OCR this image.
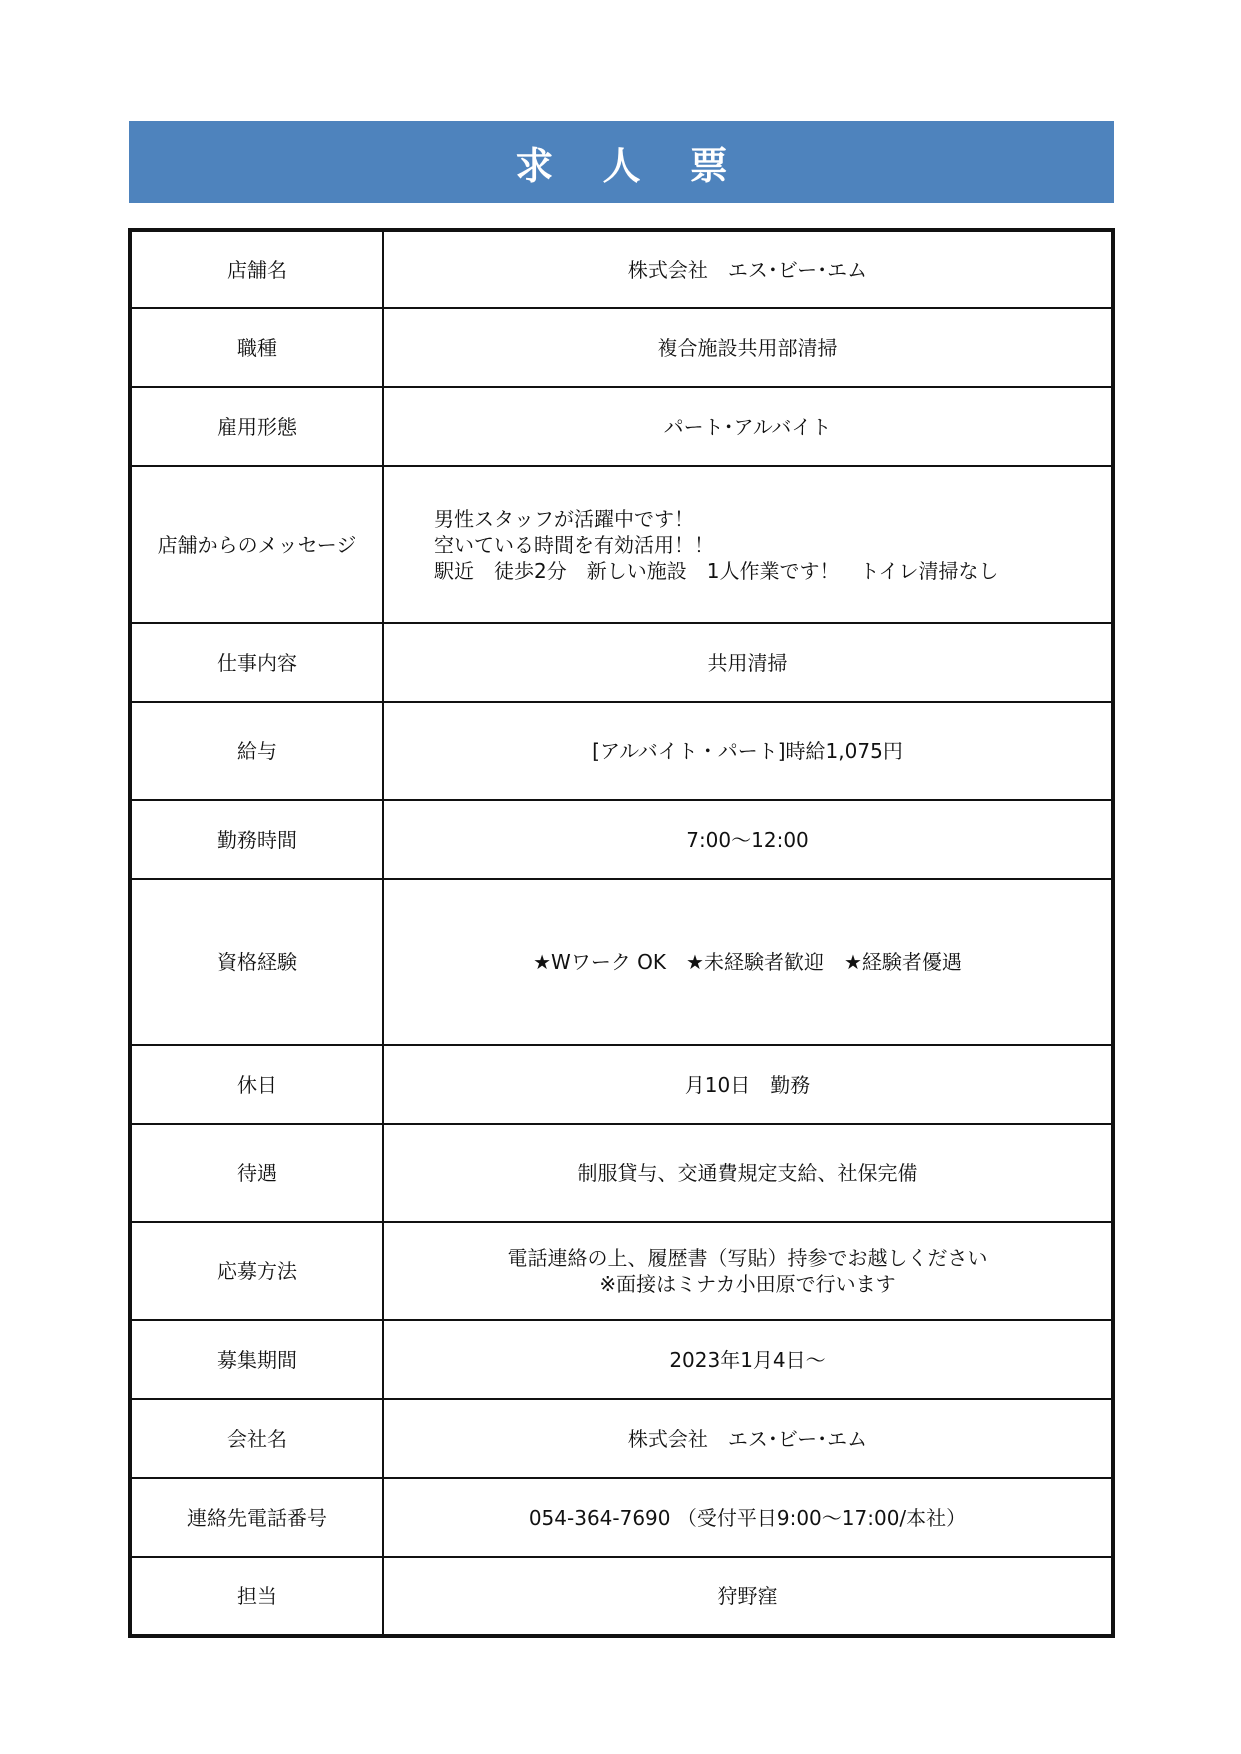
求 人 票
店舗名	株式会社　エス･ビー･エム

職種	複合施設共用部清掃

雇用形態	パート･アルバイト

店舗からのメッセージ	男性スタッフが活躍中です！
空いている時間を有効活用！！
駅近　徒歩2分　新しい施設　1人作業です！　トイレ清掃なし

仕事内容	共用清掃

給与	[アルバイト・パート]時給1,075円

勤務時間	7:00～12:00

資格経験	★Wワーク OK　★未経験者歓迎　★経験者優遇

休日	月10日　勤務

待遇	制服貸与、交通費規定支給、社保完備

応募方法	電話連絡の上、履歴書（写貼）持参でお越しください
※面接はミナカ小田原で行います

募集期間	2023年1月4日～

会社名	株式会社　エス･ビー･エム

連絡先電話番号	054-364-7690 （受付平日9:00～17:00/本社）

担当	狩野窪
